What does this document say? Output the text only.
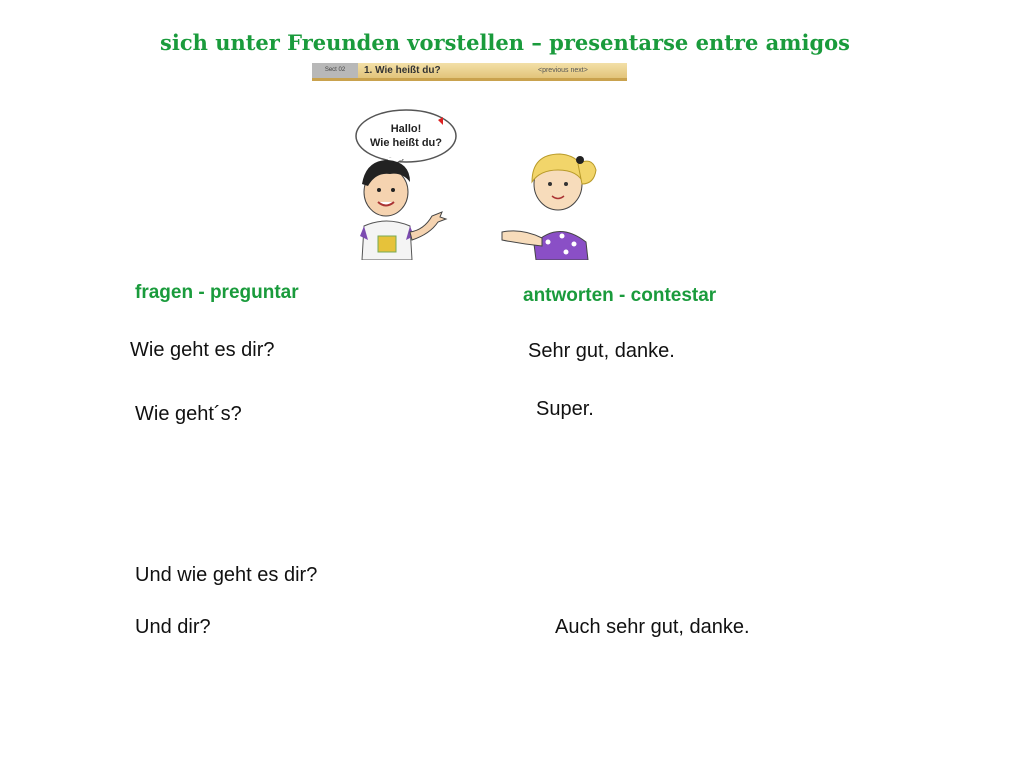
sich unter Freunden vorstellen – presentarse entre amigos
Sect 02	1. Wie heißt du?	<previous next>
Hallo!
Wie heißt du?
fragen - preguntar	antworten - contestar
Wie geht es dir?	Sehr gut, danke.
Wie geht´s?	Super.
Und wie geht es dir?
Und dir?	Auch sehr gut, danke.
